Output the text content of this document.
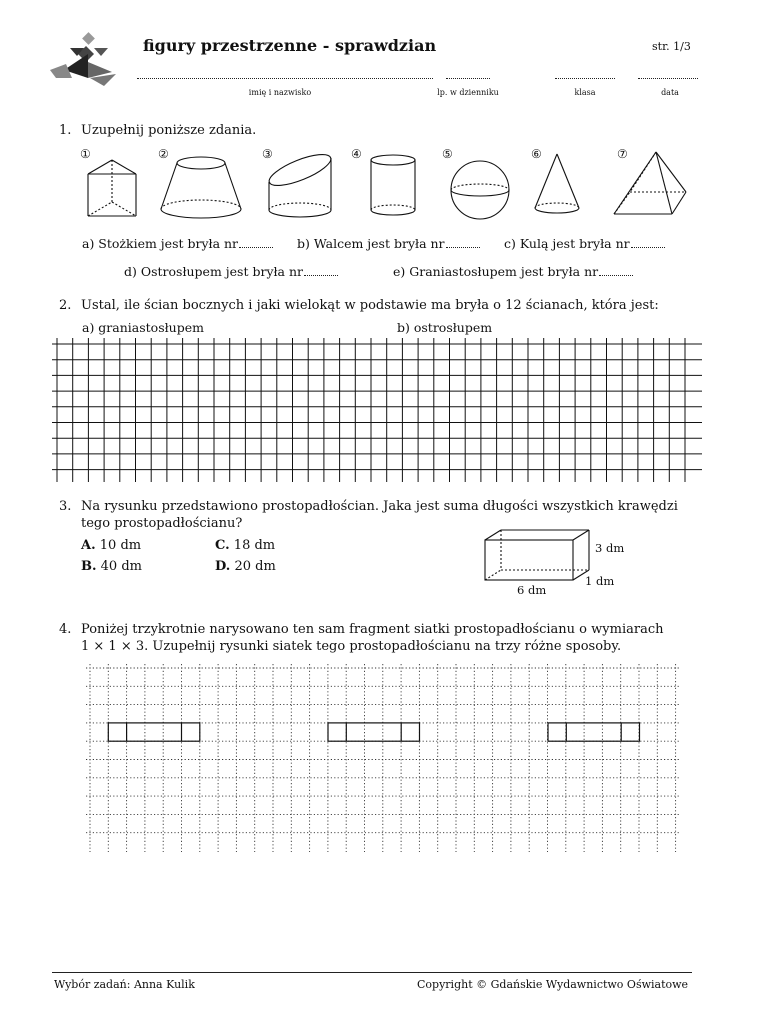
figury przestrzenne - sprawdzian	str. 1/3
imię i nazwisko	lp. w dzienniku	klasa	data
1. Uzupełnij poniższe zdania.
①	②	③	④	⑤	⑥	⑦
a) Stożkiem jest bryła nr	b) Walcem jest bryła nr	c) Kulą jest bryła nr
d) Ostrosłupem jest bryła nr	e) Graniastosłupem jest bryła nr
2. Ustal, ile ścian bocznych i jaki wielokąt w podstawie ma bryła o 12 ścianach, która jest:
a) graniastosłupem	b) ostrosłupem
3. Na rysunku przedstawiono prostopadłościan. Jaka jest suma długości wszystkich krawędzi
tego prostopadłościanu?
A. 10 dm	C. 18 dm
B. 40 dm	D. 20 dm
3 dm
1 dm
6 dm
4. Poniżej trzykrotnie narysowano ten sam fragment siatki prostopadłościanu o wymiarach
1 × 1 × 3. Uzupełnij rysunki siatek tego prostopadłościanu na trzy różne sposoby.
Wybór zadań: Anna Kulik	Copyright © Gdańskie Wydawnictwo Oświatowe
